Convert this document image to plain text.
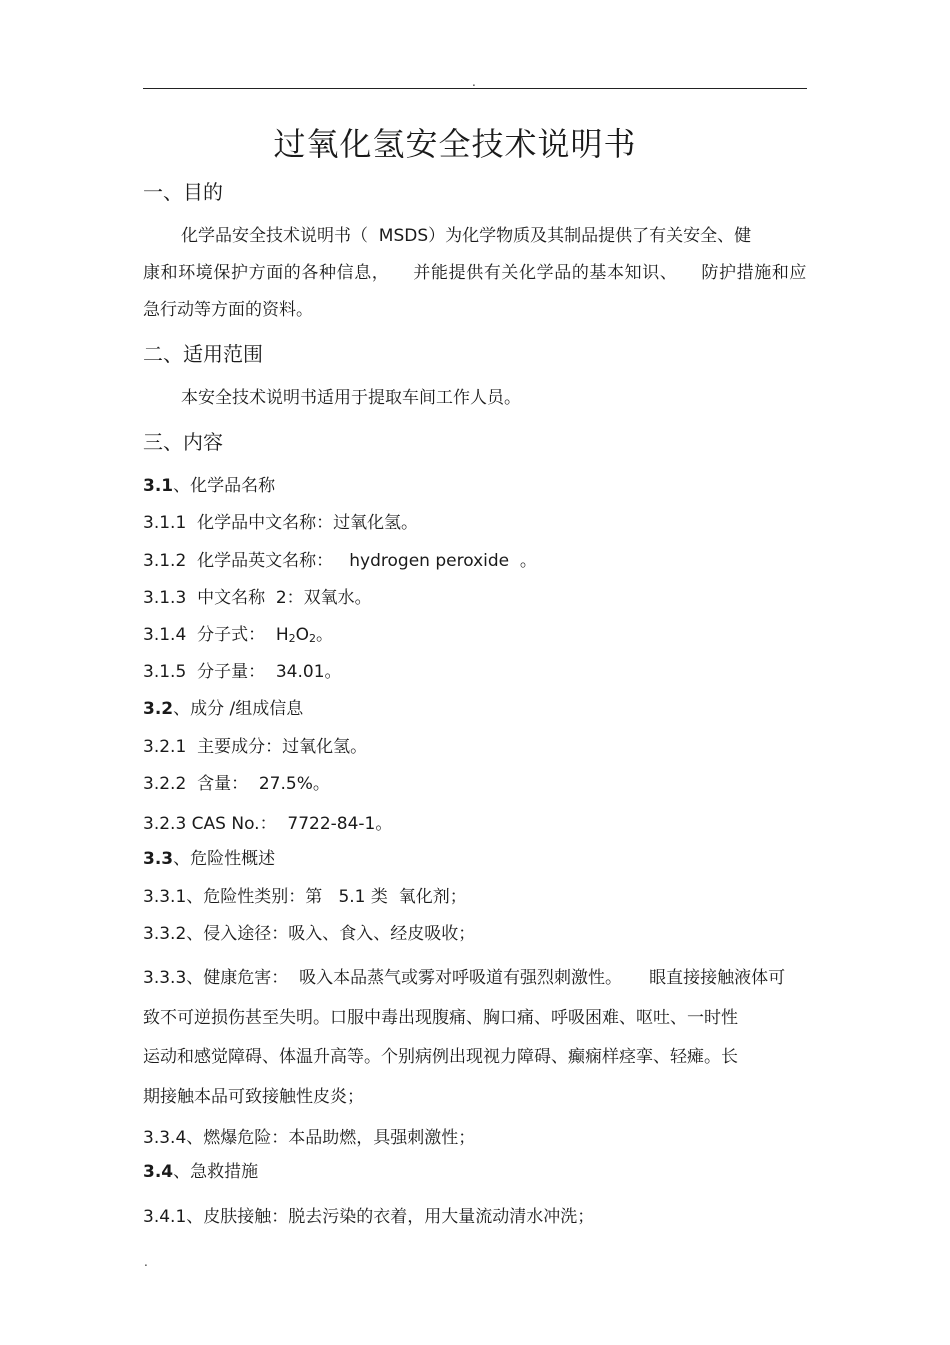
.
过氧化氢安全技术说明书
一、目的
化学品安全技术说明书（  MSDS）为化学物质及其制品提供了有关安全、健
康和环境保护方面的各种信息，    并能提供有关化学品的基本知识、    防护措施和应
急行动等方面的资料。
二、适用范围
本安全技术说明书适用于提取车间工作人员。
三、内容
3.1、化学品名称
3.1.1  化学品中文名称：过氧化氢。
3.1.2  化学品英文名称：   hydrogen peroxide  。
3.1.3  中文名称  2：双氧水。
3.1.4  分子式：  H2O2。
3.1.5  分子量：  34.01。
3.2、成分 /组成信息
3.2.1  主要成分：过氧化氢。
3.2.2  含量：  27.5%。
3.2.3 CAS No.：  7722-84-1。
3.3、危险性概述
3.3.1、危险性类别：第   5.1 类  氧化剂；
3.3.2、侵入途径：吸入、食入、经皮吸收；
3.3.3、健康危害：  吸入本品蒸气或雾对呼吸道有强烈刺激性。     眼直接接触液体可
致不可逆损伤甚至失明。口服中毒出现腹痛、胸口痛、呼吸困难、呕吐、一时性
运动和感觉障碍、体温升高等。个别病例出现视力障碍、癫痫样痉挛、轻瘫。长
期接触本品可致接触性皮炎；
3.3.4、燃爆危险：本品助燃，具强刺激性；
3.4、急救措施
3.4.1、皮肤接触：脱去污染的衣着，用大量流动清水冲洗；
.
